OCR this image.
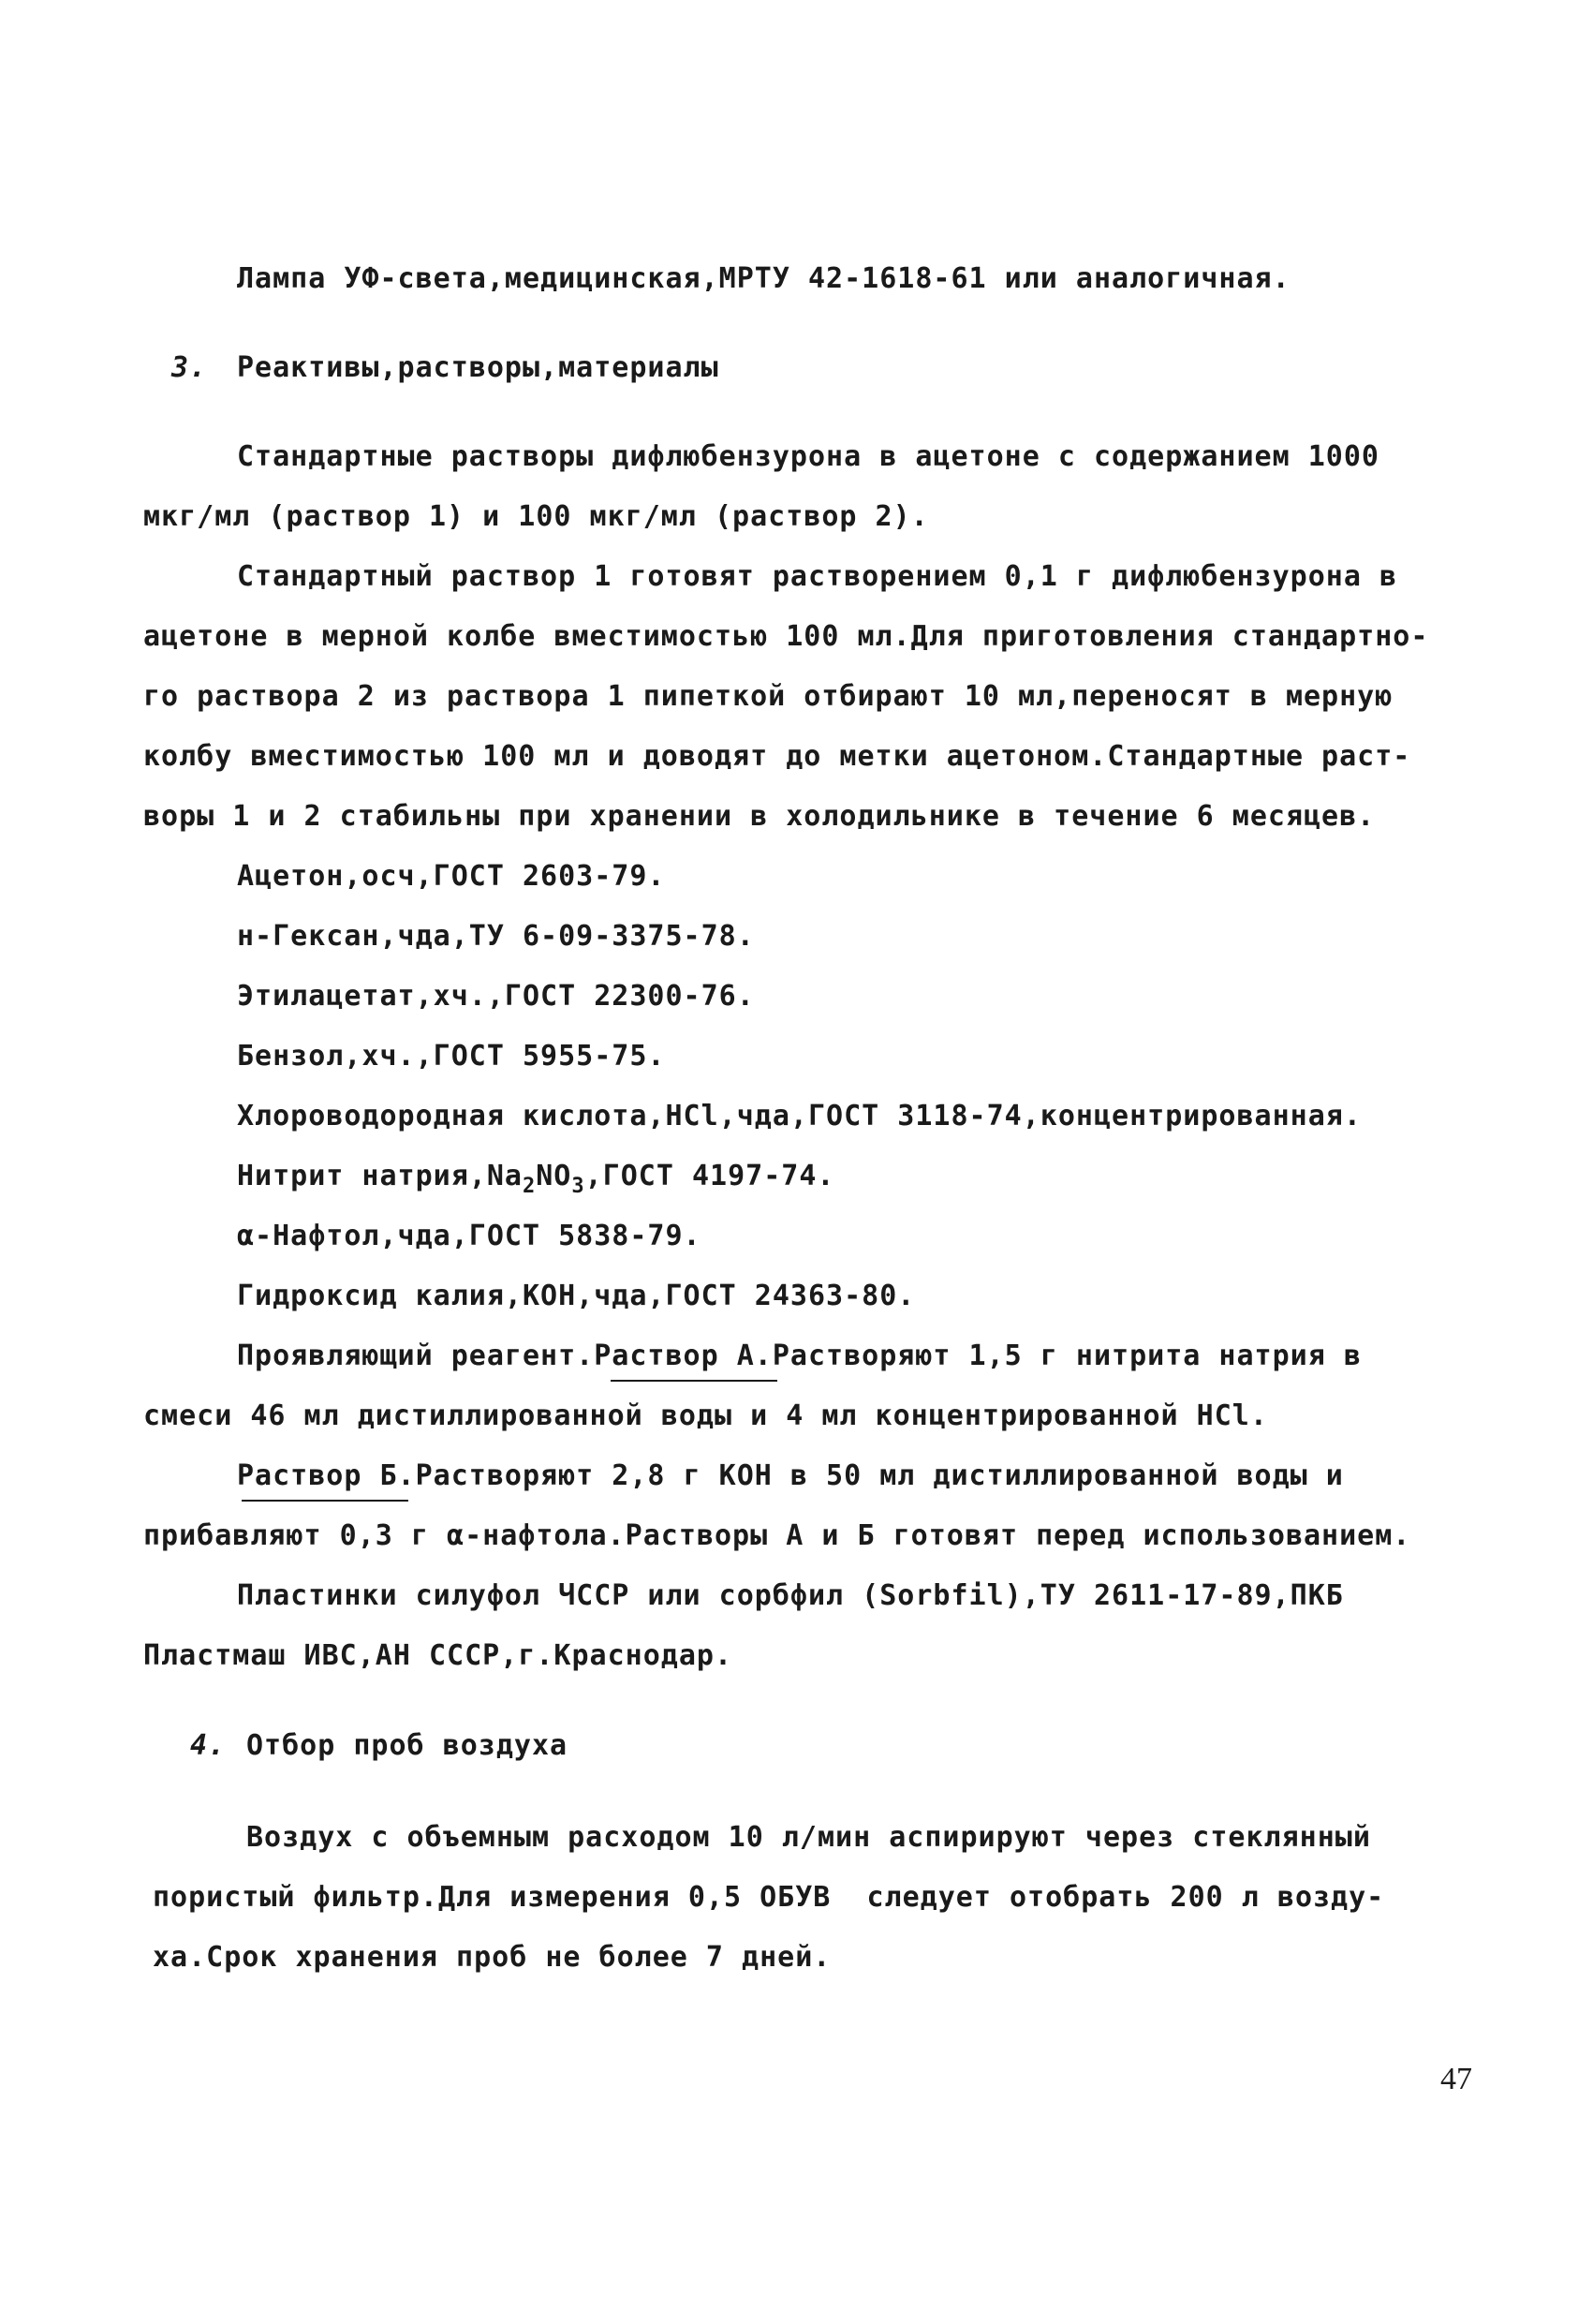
Лампа УФ-света,медицинская,МРТУ 42-1618-61 или аналогичная.
3. Реактивы,растворы,материалы
Стандартные растворы дифлюбензурона в ацетоне с содержанием 1000
мкг/мл (раствор 1) и 100 мкг/мл (раствор 2).
Стандартный раствор 1 готовят растворением 0,1 г дифлюбензурона в
ацетоне в мерной колбе вместимостью 100 мл.Для приготовления стандартно-
го раствора 2 из раствора 1 пипеткой отбирают 10 мл,переносят в мерную
колбу вместимостью 100 мл и доводят до метки ацетоном.Стандартные раст-
воры 1 и 2 стабильны при хранении в холодильнике в течение 6 месяцев.
Ацетон,осч,ГОСТ 2603-79.
н-Гексан,чда,ТУ 6-09-3375-78.
Этилацетат,хч.,ГОСТ 22300-76.
Бензол,хч.,ГОСТ 5955-75.
Хлороводородная кислота,HCl,чда,ГОСТ 3118-74,концентрированная.
Нитрит $натрия,Na_2NO_3,ГОСТ$ 4197-74.
α-Нафтол,чда,ГОСТ 5838-79.
Гидроксид калия,КОН,чда,ГОСТ 24363-80.
Проявляющий реагент.Раствор А.Растворяют 1,5 г нитрита натрия в
смеси 46 мл дистиллированной воды и 4 мл концентрированной HCl.
Раствор Б.Растворяют 2,8 г КОН в 50 мл дистиллированной воды и
прибавляют 0,3 г α-нафтола.Растворы А и Б готовят перед использованием.
Пластинки силуфол ЧССР или сорбфил (Sorbfil),ТУ 2611-17-89,ПКБ
Пластмаш ИВС,АН СССР,г.Краснодар.
4. Отбор проб воздуха
Воздух с объемным расходом 10 л/мин аспирируют через стеклянный
пористый фильтр.Для измерения 0,5 ОБУВ  следует отобрать 200 л возду-
ха.Срок хранения проб не более 7 дней.
47
